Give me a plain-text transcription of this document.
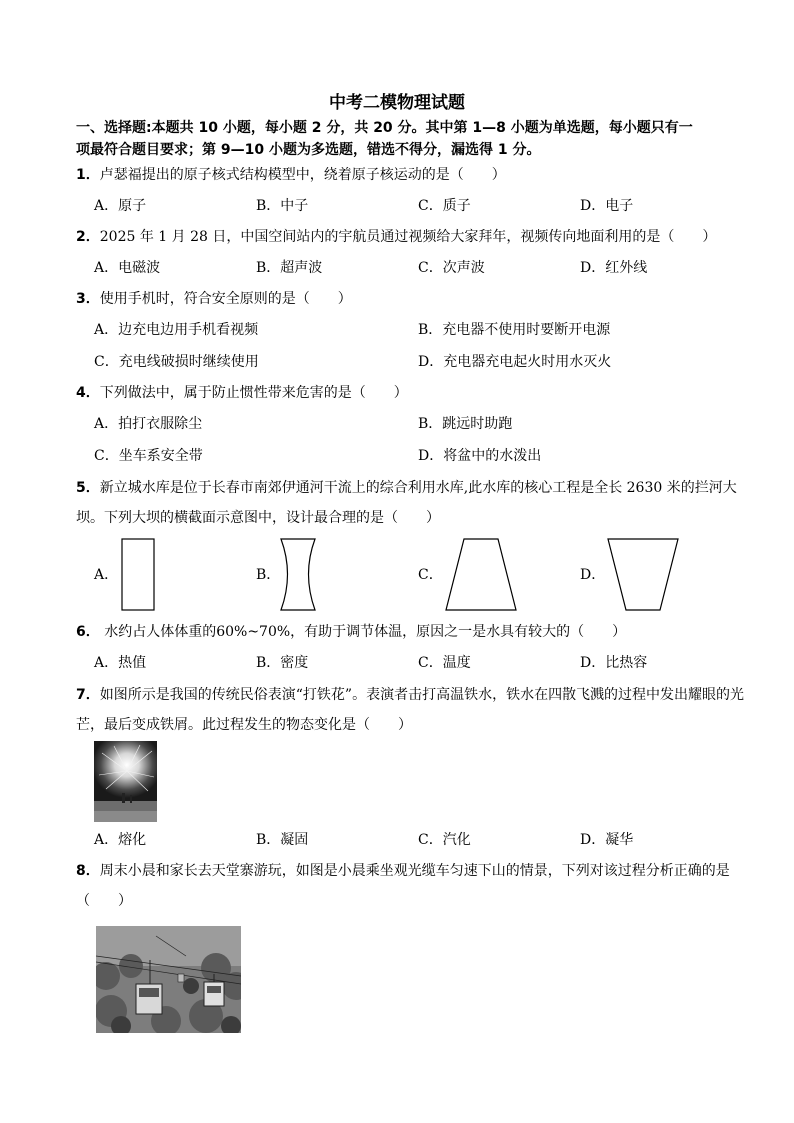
中考二模物理试题
一、选择题:本题共 10 小题，每小题 2 分，共 20 分。其中第 1—8 小题为单选题，每小题只有一
项最符合题目要求；第 9—10 小题为多选题，错选不得分，漏选得 1 分。
1．卢瑟福提出的原子核式结构模型中，绕着原子核运动的是（　　）
A．原子	B．中子	C．质子	D．电子
2．2025 年 1 月 28 日，中国空间站内的宇航员通过视频给大家拜年，视频传向地面利用的是（　　）
A．电磁波	B．超声波	C．次声波	D．红外线
3．使用手机时，符合安全原则的是（　　）
A．边充电边用手机看视频	B．充电器不使用时要断开电源
C．充电线破损时继续使用	D．充电器充电起火时用水灭火
4．下列做法中，属于防止惯性带来危害的是（　　）
A．拍打衣服除尘	B．跳远时助跑
C．坐车系安全带	D．将盆中的水泼出
5．新立城水库是位于长春市南郊伊通河干流上的综合利用水库,此水库的核心工程是全长 2630 米的拦河大坝。下列大坝的横截面示意图中，设计最合理的是（　　）
A．	B．	C．	D．
6． 水约占人体体重的60%~70%，有助于调节体温，原因之一是水具有较大的（　　）
A．热值	B．密度	C．温度	D．比热容
7．如图所示是我国的传统民俗表演“打铁花”。表演者击打高温铁水，铁水在四散飞溅的过程中发出耀眼的光芒，最后变成铁屑。此过程发生的物态变化是（　　）
A．熔化	B．凝固	C．汽化	D．凝华
8．周末小晨和家长去天堂寨游玩，如图是小晨乘坐观光缆车匀速下山的情景，下列对该过程分析正确的是（　　）
